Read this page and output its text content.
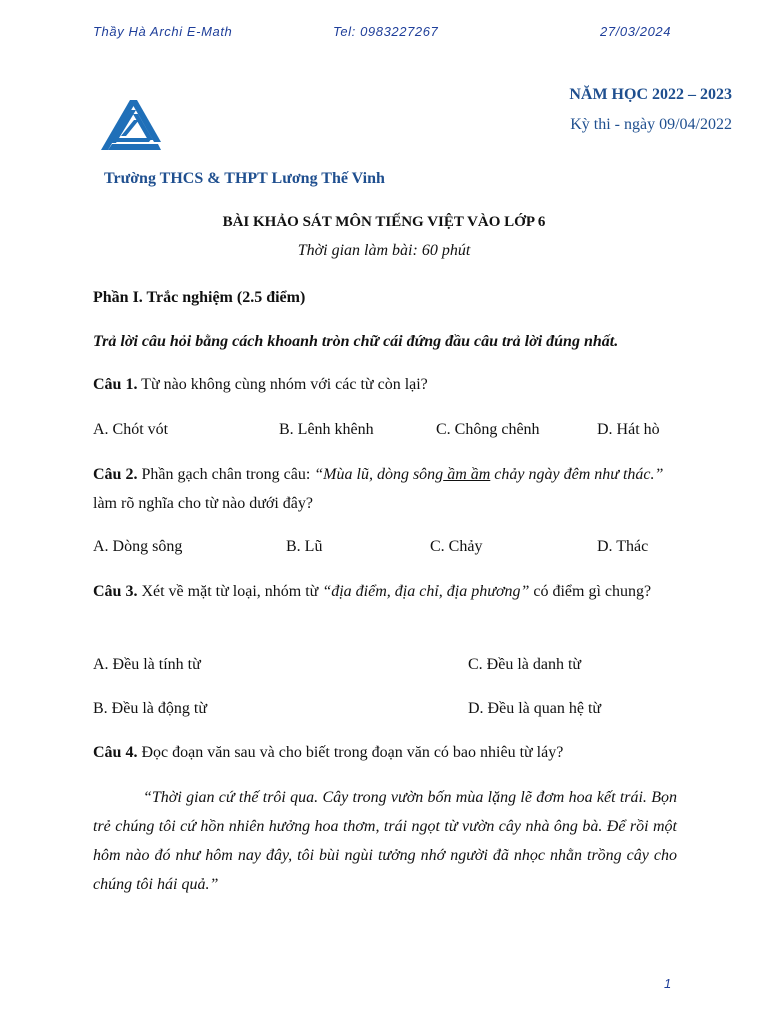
Thầy Hà Archi E-Math	Tel: 0983227267	27/03/2024
NĂM HỌC 2022 – 2023
Kỳ thi - ngày 09/04/2022
Trường THCS & THPT Lương Thế Vinh
BÀI KHẢO SÁT MÔN TIẾNG VIỆT VÀO LỚP 6
Thời gian làm bài: 60 phút
Phần I. Trắc nghiệm (2.5 điểm)
Trả lời câu hỏi bằng cách khoanh tròn chữ cái đứng đầu câu trả lời đúng nhất.
Câu 1. Từ nào không cùng nhóm với các từ còn lại?
A. Chót vót	B. Lênh khênh	C. Chông chênh	D. Hát hò
Câu 2. Phần gạch chân trong câu: “Mùa lũ, dòng sông ầm ầm chảy ngày đêm như thác.” làm rõ nghĩa cho từ nào dưới đây?
A. Dòng sông	B. Lũ	C. Chảy	D. Thác
Câu 3. Xét về mặt từ loại, nhóm từ “địa điểm, địa chỉ, địa phương” có điểm gì chung?
A. Đều là tính từ	C. Đều là danh từ
B. Đều là động từ	D. Đều là quan hệ từ
Câu 4. Đọc đoạn văn sau và cho biết trong đoạn văn có bao nhiêu từ láy?
“Thời gian cứ thế trôi qua. Cây trong vườn bốn mùa lặng lẽ đơm hoa kết trái. Bọn trẻ chúng tôi cứ hồn nhiên hưởng hoa thơm, trái ngọt từ vườn cây nhà ông bà. Để rồi một hôm nào đó như hôm nay đây, tôi bùi ngùi tưởng nhớ người đã nhọc nhằn trồng cây cho chúng tôi hái quả.”
1
